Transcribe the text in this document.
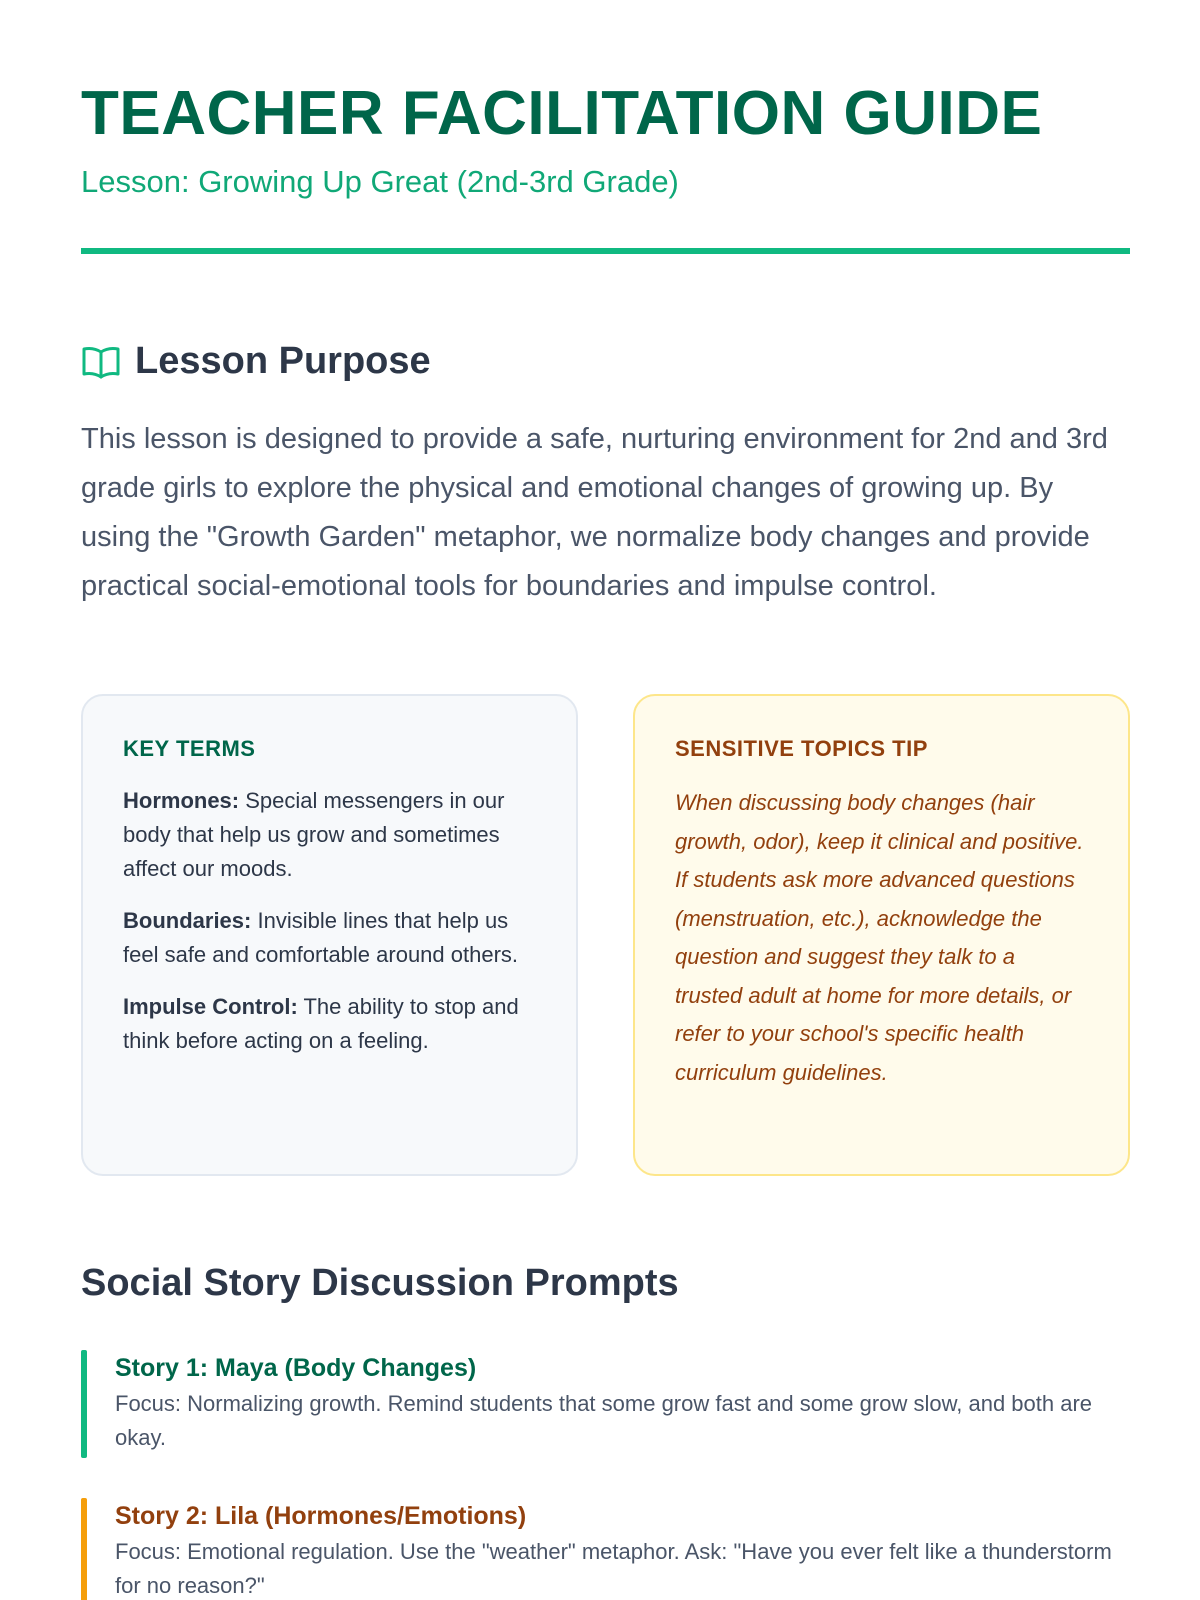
TEACHER FACILITATION GUIDE
Lesson: Growing Up Great (2nd-3rd Grade)
Lesson Purpose

This lesson is designed to provide a safe, nurturing environment for 2nd and 3rd grade girls to explore the physical and emotional changes of growing up. By using the "Growth Garden" metaphor, we normalize body changes and provide practical social-emotional tools for boundaries and impulse control.

KEY TERMS
Hormones: Special messengers in our body that help us grow and sometimes affect our moods.
Boundaries: Invisible lines that help us feel safe and comfortable around others.
Impulse Control: The ability to stop and think before acting on a feeling.
SENSITIVE TOPICS TIP

When discussing body changes (hair growth, odor), keep it clinical and positive. If students ask more advanced questions (menstruation, etc.), acknowledge the question and suggest they talk to a trusted adult at home for more details, or refer to your school's specific health curriculum guidelines.

Social Story Discussion Prompts
Story 1: Maya (Body Changes)
Focus: Normalizing growth. Remind students that some grow fast and some grow slow, and both are okay.
Story 2: Lila (Hormones/Emotions)
Focus: Emotional regulation. Use the "weather" metaphor. Ask: "Have you ever felt like a thunderstorm for no reason?"
